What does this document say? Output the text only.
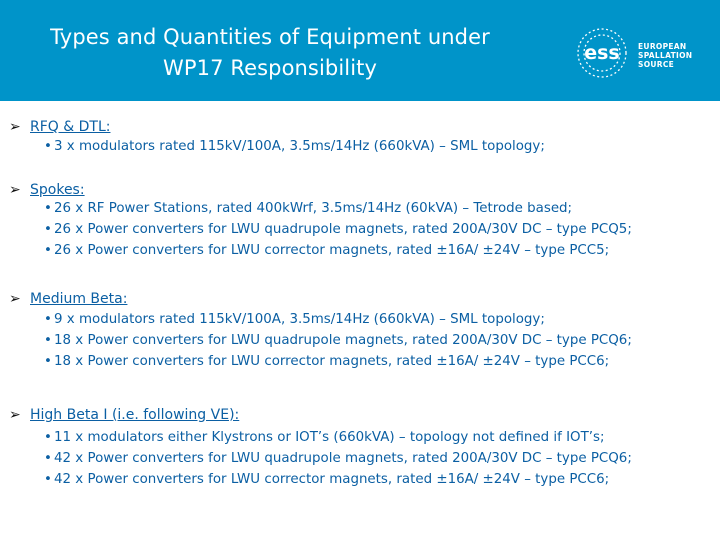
Types and Quantities of Equipment under
WP17 Responsibility
ess EUROPEAN
SPALLATION
SOURCE
➢ RFQ & DTL:
• 3 x modulators rated 115kV/100A, 3.5ms/14Hz (660kVA) – SML topology;
➢ Spokes:
• 26 x RF Power Stations, rated 400kWrf, 3.5ms/14Hz (60kVA) – Tetrode based;
• 26 x Power converters for LWU quadrupole magnets, rated 200A/30V DC – type PCQ5;
• 26 x Power converters for LWU corrector magnets, rated ±16A/ ±24V – type PCC5;
➢ Medium Beta:
• 9 x modulators rated 115kV/100A, 3.5ms/14Hz (660kVA) – SML topology;
• 18 x Power converters for LWU quadrupole magnets, rated 200A/30V DC – type PCQ6;
• 18 x Power converters for LWU corrector magnets, rated ±16A/ ±24V – type PCC6;
➢ High Beta I (i.e. following VE):
• 11 x modulators either Klystrons or IOT’s (660kVA) – topology not defined if IOT’s;
• 42 x Power converters for LWU quadrupole magnets, rated 200A/30V DC – type PCQ6;
• 42 x Power converters for LWU corrector magnets, rated ±16A/ ±24V – type PCC6;
